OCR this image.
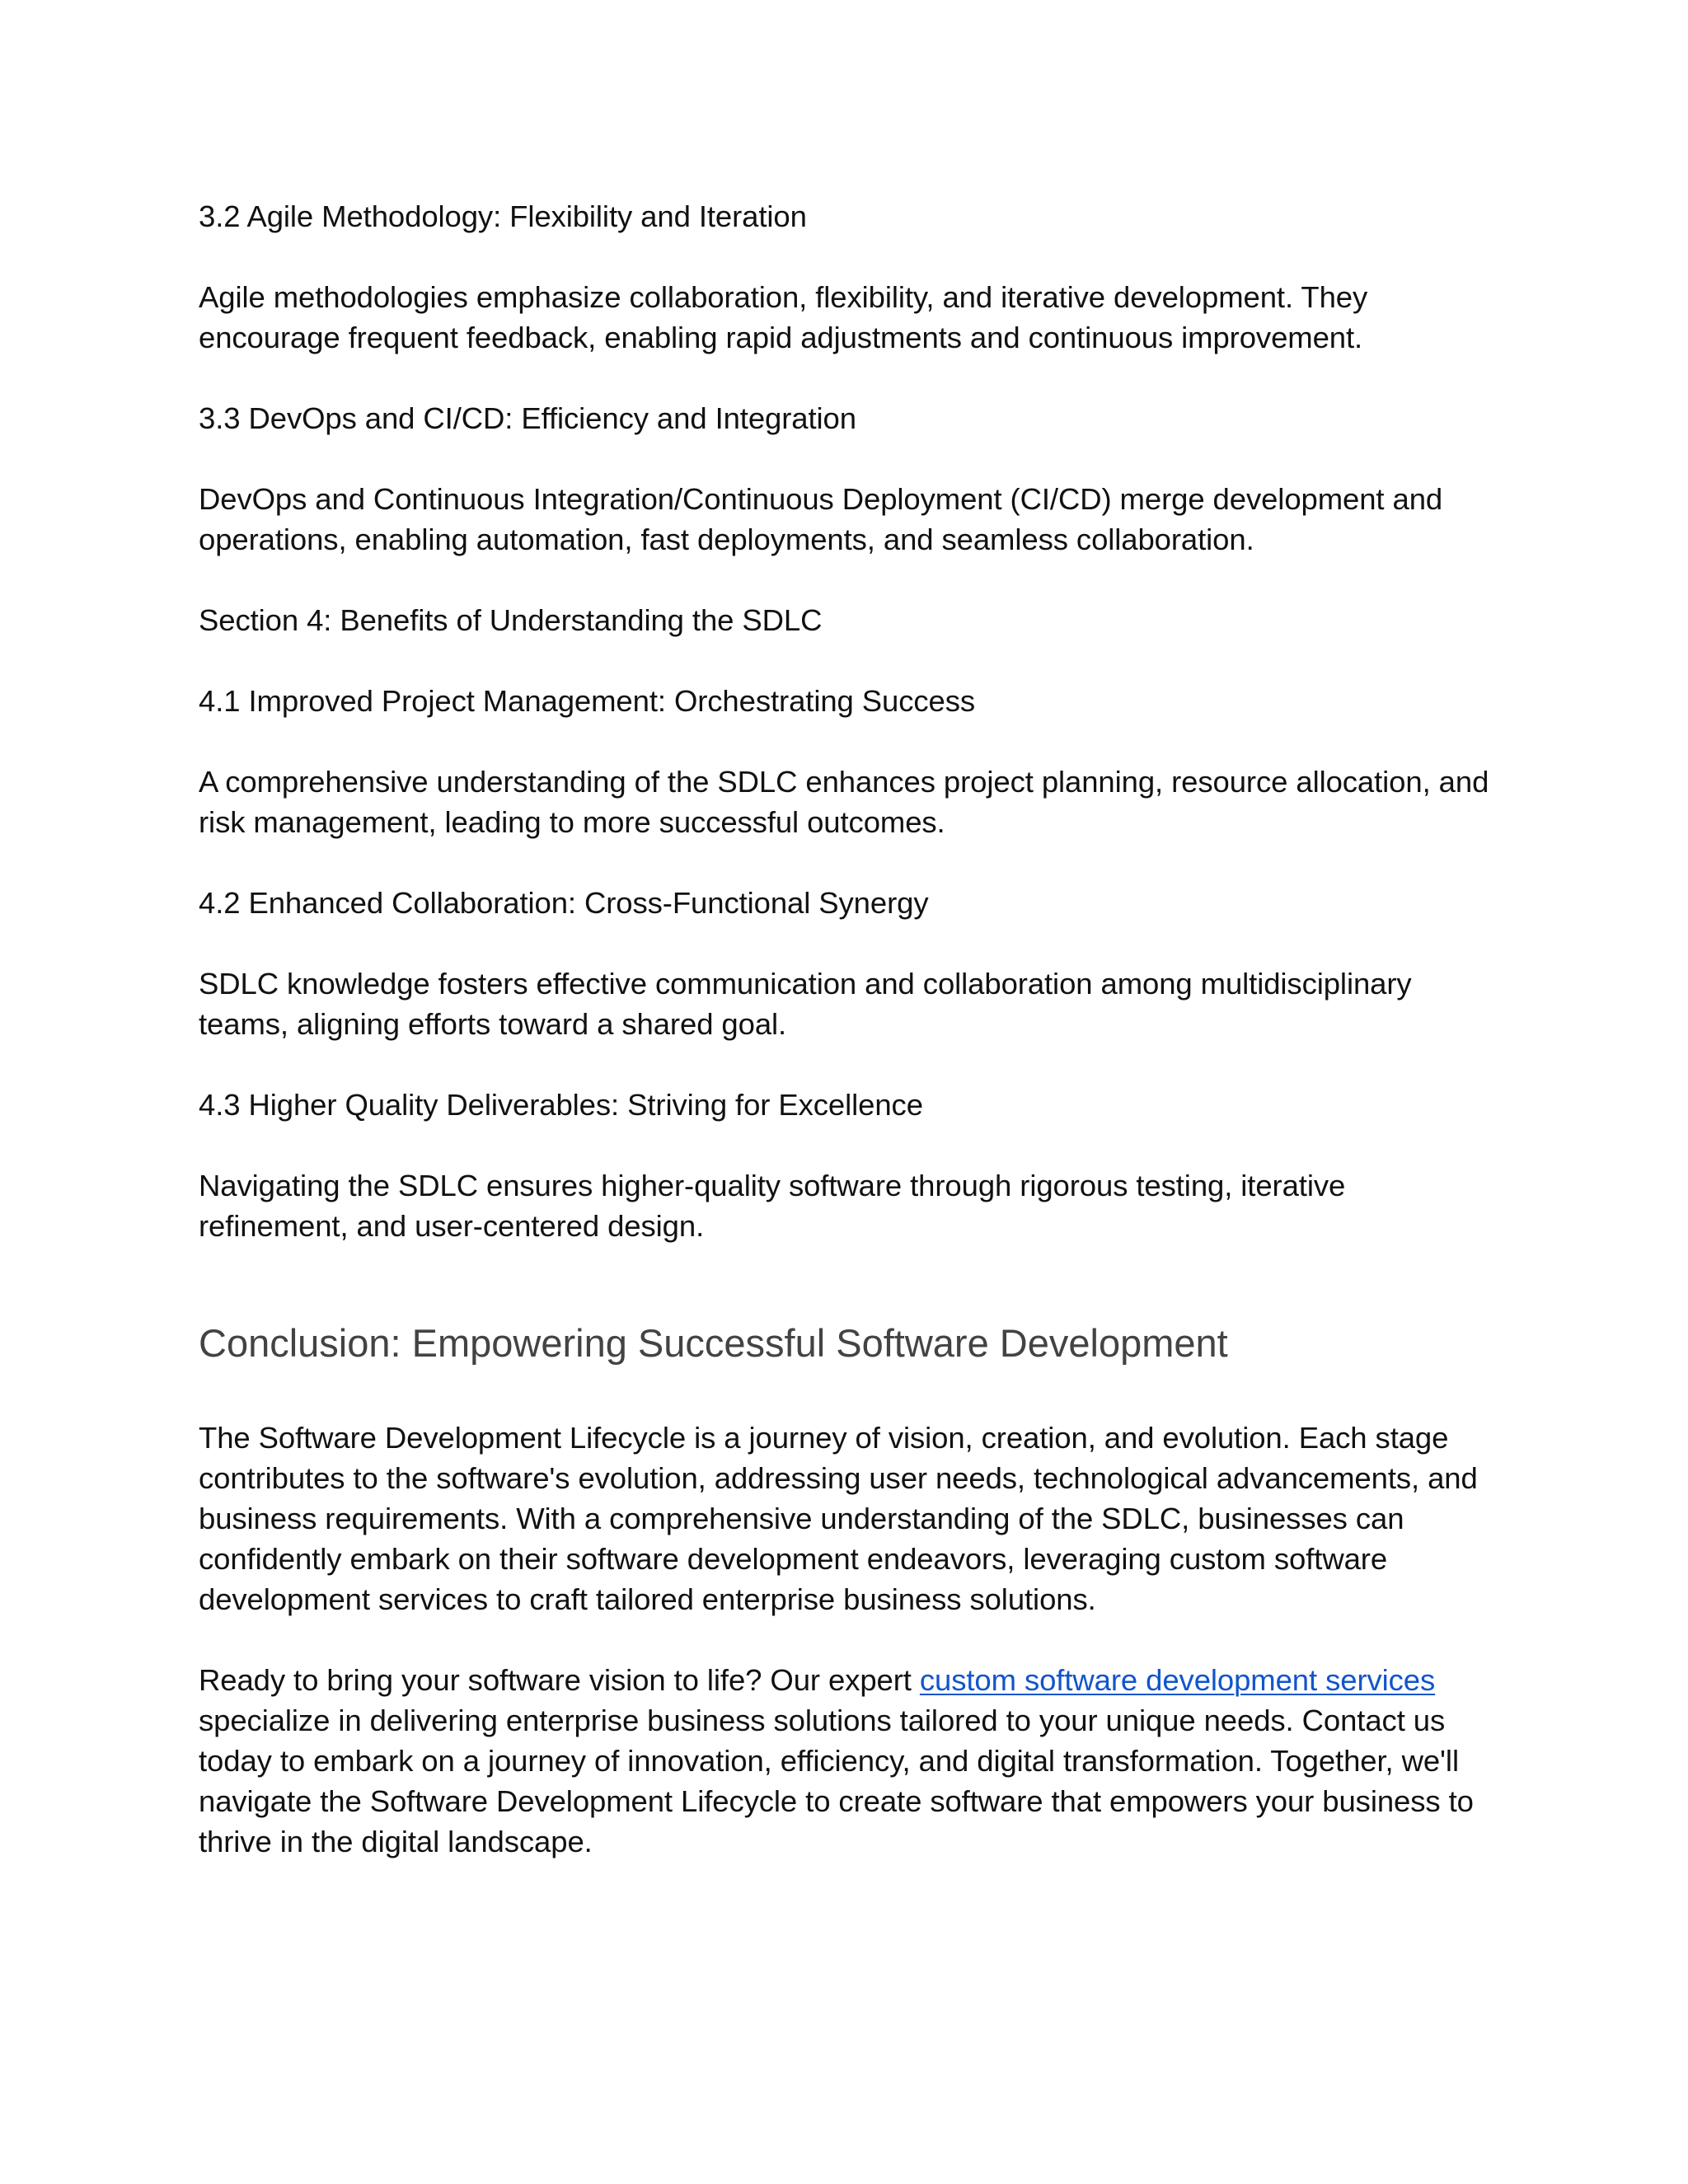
3.2 Agile Methodology: Flexibility and Iteration

Agile methodologies emphasize collaboration, flexibility, and iterative development. They encourage frequent feedback, enabling rapid adjustments and continuous improvement.

3.3 DevOps and CI/CD: Efficiency and Integration

DevOps and Continuous Integration/Continuous Deployment (CI/CD) merge development and operations, enabling automation, fast deployments, and seamless collaboration.

Section 4: Benefits of Understanding the SDLC

4.1 Improved Project Management: Orchestrating Success

A comprehensive understanding of the SDLC enhances project planning, resource allocation, and risk management, leading to more successful outcomes.

4.2 Enhanced Collaboration: Cross-Functional Synergy

SDLC knowledge fosters effective communication and collaboration among multidisciplinary teams, aligning efforts toward a shared goal.

4.3 Higher Quality Deliverables: Striving for Excellence

Navigating the SDLC ensures higher-quality software through rigorous testing, iterative refinement, and user-centered design.

Conclusion: Empowering Successful Software Development

The Software Development Lifecycle is a journey of vision, creation, and evolution. Each stage contributes to the software's evolution, addressing user needs, technological advancements, and business requirements. With a comprehensive understanding of the SDLC, businesses can confidently embark on their software development endeavors, leveraging custom software development services to craft tailored enterprise business solutions.

Ready to bring your software vision to life? Our expert custom software development services specialize in delivering enterprise business solutions tailored to your unique needs. Contact us today to embark on a journey of innovation, efficiency, and digital transformation. Together, we'll navigate the Software Development Lifecycle to create software that empowers your business to thrive in the digital landscape.
